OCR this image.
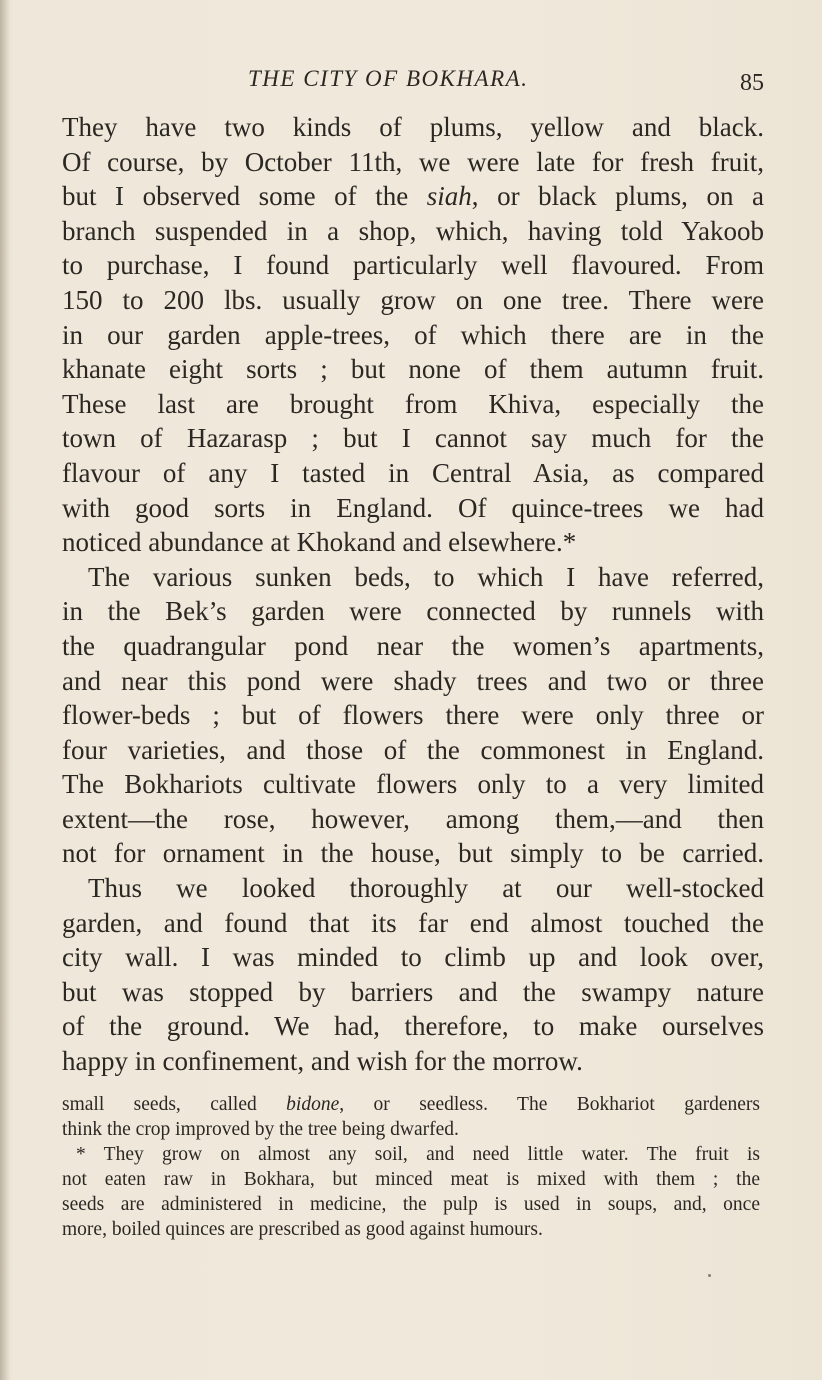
THE CITY OF BOKHARA.	85
They have two kinds of plums, yellow and black.
Of course, by October 11th, we were late for fresh fruit,
but I observed some of the siah, or black plums, on a
branch suspended in a shop, which, having told Yakoob
to purchase, I found particularly well flavoured. From
150 to 200 lbs. usually grow on one tree. There were
in our garden apple-trees, of which there are in the
khanate eight sorts ; but none of them autumn fruit.
These last are brought from Khiva, especially the
town of Hazarasp ; but I cannot say much for the
flavour of any I tasted in Central Asia, as compared
with good sorts in England. Of quince-trees we had
noticed abundance at Khokand and elsewhere.*
The various sunken beds, to which I have referred,
in the Bek’s garden were connected by runnels with
the quadrangular pond near the women’s apartments,
and near this pond were shady trees and two or three
flower-beds ; but of flowers there were only three or
four varieties, and those of the commonest in England.
The Bokhariots cultivate flowers only to a very limited
extent—the rose, however, among them,—and then
not for ornament in the house, but simply to be carried.
Thus we looked thoroughly at our well-stocked
garden, and found that its far end almost touched the
city wall. I was minded to climb up and look over,
but was stopped by barriers and the swampy nature
of the ground. We had, therefore, to make ourselves
happy in confinement, and wish for the morrow.
small seeds, called bidone, or seedless. The Bokhariot gardeners
think the crop improved by the tree being dwarfed.
* They grow on almost any soil, and need little water. The fruit is
not eaten raw in Bokhara, but minced meat is mixed with them ; the
seeds are administered in medicine, the pulp is used in soups, and, once
more, boiled quinces are prescribed as good against humours.
